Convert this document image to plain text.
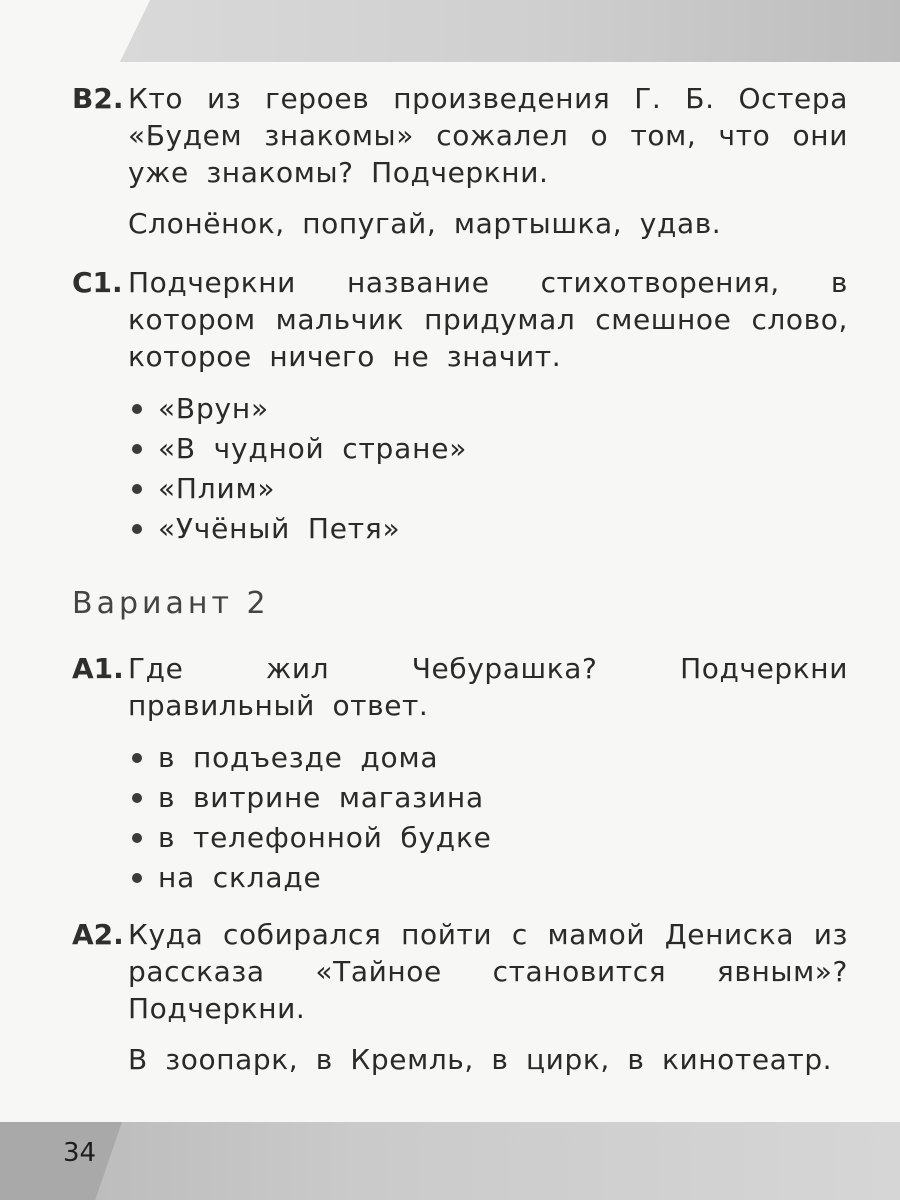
B2. Кто из героев произведения Г. Б. Остера «Будем знакомы» сожалел о том, что они уже знакомы? Подчеркни.
Слонёнок, попугай, мартышка, удав.
C1. Подчеркни название стихотворения, в котором мальчик придумал смешное слово, которое ничего не значит.
«Врун»
«В чудной стране»
«Плим»
«Учёный Петя»
Вариант 2
A1. Где жил Чебурашка? Подчеркни правильный ответ.
в подъезде дома
в витрине магазина
в телефонной будке
на складе
A2. Куда собирался пойти с мамой Дениска из рассказа «Тайное становится явным»? Подчеркни.
В зоопарк, в Кремль, в цирк, в кинотеатр.
34
